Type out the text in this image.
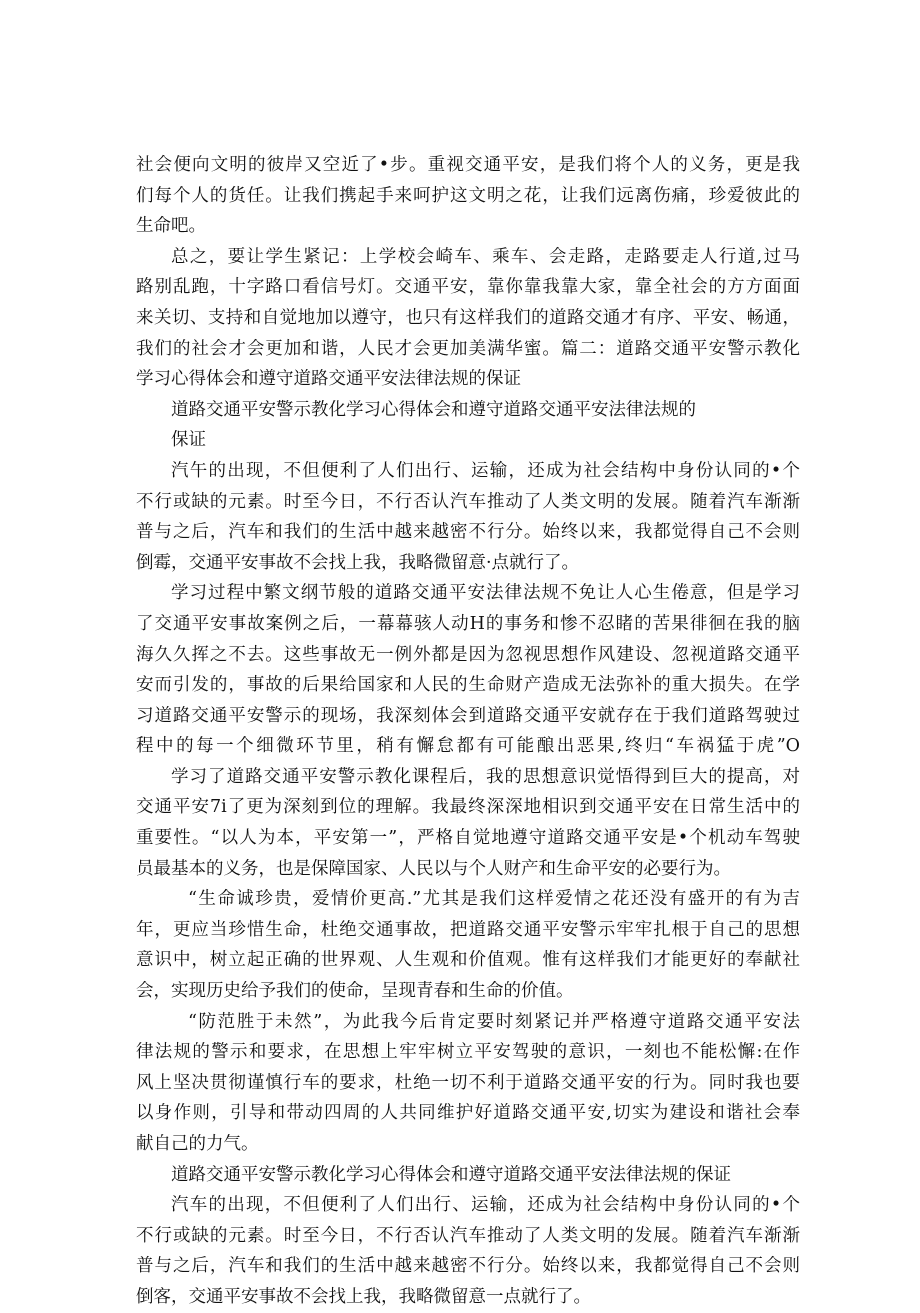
社会便向文明的彼岸又空近了•步。重视交通平安，是我们将个人的义务，更是我
们每个人的货任。让我们携起手来呵护这文明之花，让我们远离伤痛，珍爱彼此的
生命吧。
总之，要让学生紧记：上学校会崎车、乘车、会走路，走路要走人行道,过马
路别乱跑，十字路口看信号灯。交通平安，靠你靠我靠大家，靠全社会的方方面面
来关切、支持和自觉地加以遵守，也只有这样我们的道路交通才有序、平安、畅通，
我们的社会才会更加和谐，人民才会更加美满华蜜。篇二：道路交通平安警示教化
学习心得体会和遵守道路交通平安法律法规的保证
道路交通平安警示教化学习心得体会和遵守道路交通平安法律法规的
保证
汽午的出现，不但便利了人们出行、运输，还成为社会结构中身份认同的•个
不行或缺的元素。时至今日，不行否认汽车推动了人类文明的发展。随着汽车渐渐
普与之后，汽车和我们的生活中越来越密不行分。始终以来，我都觉得自己不会则
倒霉，交通平安事故不会找上我，我略微留意·点就行了。
学习过程中繁文纲节般的道路交通平安法律法规不免让人心生倦意，但是学习
了交通平安事故案例之后，一幕幕骇人动H的事务和惨不忍睹的苦果徘徊在我的脑
海久久挥之不去。这些事故无一例外都是因为忽视思想作风建设、忽视道路交通平
安而引发的，事故的后果给国家和人民的生命财产造成无法弥补的重大损失。在学
习道路交通平安警示的现场，我深刻体会到道路交通平安就存在于我们道路驾驶过
程中的每一个细微环节里，稍有懈怠都有可能酿出恶果,终归“车祸猛于虎”O
学习了道路交通平安警示教化课程后，我的思想意识觉悟得到巨大的提高，对
交通平安7i了更为深刻到位的理解。我最终深深地相识到交通平安在日常生活中的
重要性。“以人为本，平安第一”，严格自觉地遵守道路交通平安是•个机动车驾驶
员最基本的义务，也是保障国家、人民以与个人财产和生命平安的必要行为。
“生命诚珍贵，爱情价更高.”尤其是我们这样爱情之花还没有盛开的有为吉
年，更应当珍惜生命，杜绝交通事故，把道路交通平安警示牢牢扎根于自己的思想
意识中，树立起正确的世界观、人生观和价值观。惟有这样我们才能更好的奉献社
会，实现历史给予我们的使命，呈现青春和生命的价值。
“防范胜于未然”，为此我今后肯定要时刻紧记并严格遵守道路交通平安法
律法规的警示和要求，在思想上牢牢树立平安驾驶的意识，一刻也不能松懈:在作
风上坚决贯彻谨慎行车的要求，杜绝一切不利于道路交通平安的行为。同时我也要
以身作则，引导和带动四周的人共同维护好道路交通平安,切实为建设和谐社会奉
献自己的力气。
道路交通平安警示教化学习心得体会和遵守道路交通平安法律法规的保证
汽车的出现，不但便利了人们出行、运输，还成为社会结构中身份认同的•个
不行或缺的元素。时至今日，不行否认汽车推动了人类文明的发展。随着汽车渐渐
普与之后，汽车和我们的生活中越来越密不行分。始终以来，我都觉得自己不会则
倒客，交通平安事故不会找上我，我略微留意一点就行了。
